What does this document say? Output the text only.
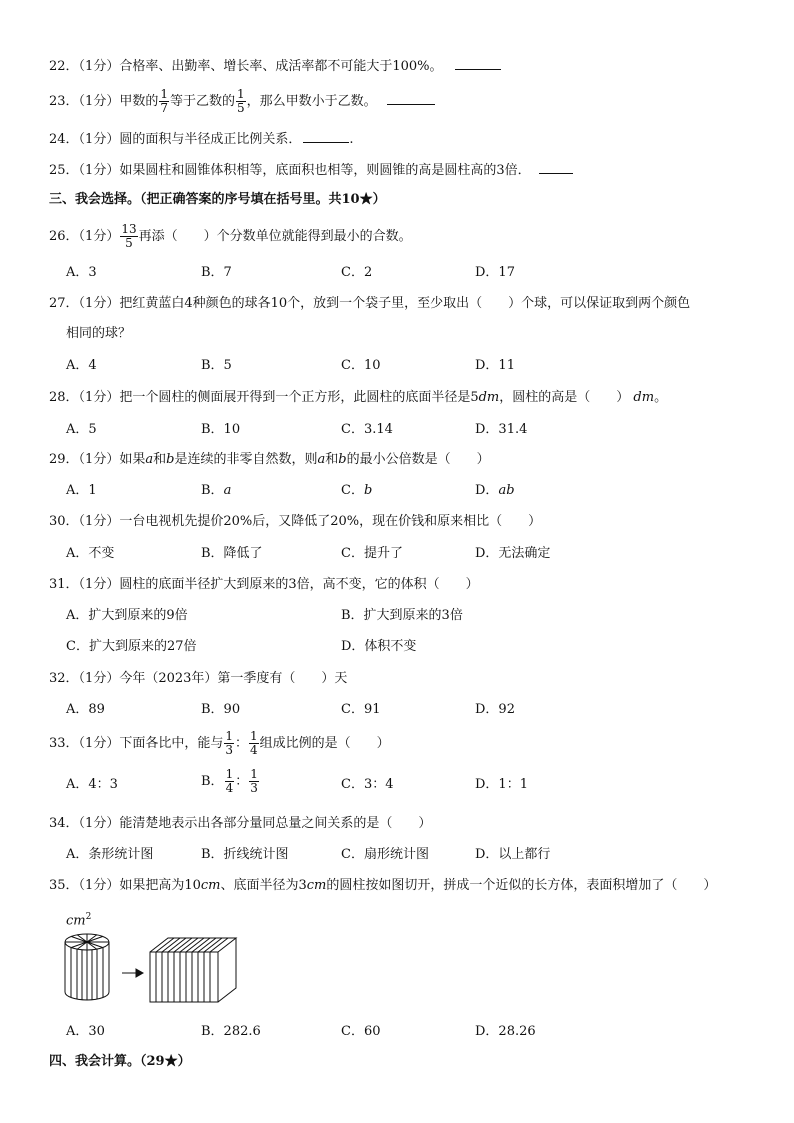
22．（1分）合格率、出勤率、增长率、成活率都不可能大于100%。
23．（1分）甲数的 $\frac{1}{7}$ 等于乙数的 $\frac{1}{5}$ ，那么甲数小于乙数。
24．（1分）圆的面积与半径成正比例关系．	.
25．（1分）如果圆柱和圆锥体积相等，底面积也相等，则圆锥的高是圆柱高的3倍．
三、我会选择。（把正确答案的序号填在括号里。共10★）
26．（1分） $\frac{13}{5}$ 再添（　　）个分数单位就能得到最小的合数。
A．3	B．7	C．2	D．17
27．（1分）把红黄蓝白4种颜色的球各10个，放到一个袋子里，至少取出（　　）个球，可以保证取到两个颜色
相同的球？
A．4	B．5	C．10	D．11
28．（1分）把一个圆柱的侧面展开得到一个正方形，此圆柱的底面半径是5dm，圆柱的高是（　　） dm。
A．5	B．10	C．3.14	D．31.4
29．（1分）如果a和b是连续的非零自然数，则a和b的最小公倍数是（　　）
A．1	B．a	C．b	D．ab
30．（1分）一台电视机先提价20%后，又降低了20%，现在价钱和原来相比（　　）
A．不变	B．降低了	C．提升了	D．无法确定
31．（1分）圆柱的底面半径扩大到原来的3倍，高不变，它的体积（　　）
A．扩大到原来的9倍	B．扩大到原来的3倍
C．扩大到原来的27倍	D．体积不变
32．（1分）今年（2023年）第一季度有（　　）天
A．89	B．90	C．91	D．92
33．（1分）下面各比中，能与 $\frac{1}{3}$ ： $\frac{1}{4}$ 组成比例的是（　　）
A．4：3	B． $\frac{1}{4}$ ： $\frac{1}{3}$	C．3：4	D．1：1
34．（1分）能清楚地表示出各部分量同总量之间关系的是（　　）
A．条形统计图	B．折线统计图	C．扇形统计图	D．以上都行
35．（1分）如果把高为10cm、底面半径为3cm的圆柱按如图切开，拼成一个近似的长方体，表面积增加了（　　）
$cm^2$
A．30	B．282.6	C．60	D．28.26
四、我会计算。（29★）
